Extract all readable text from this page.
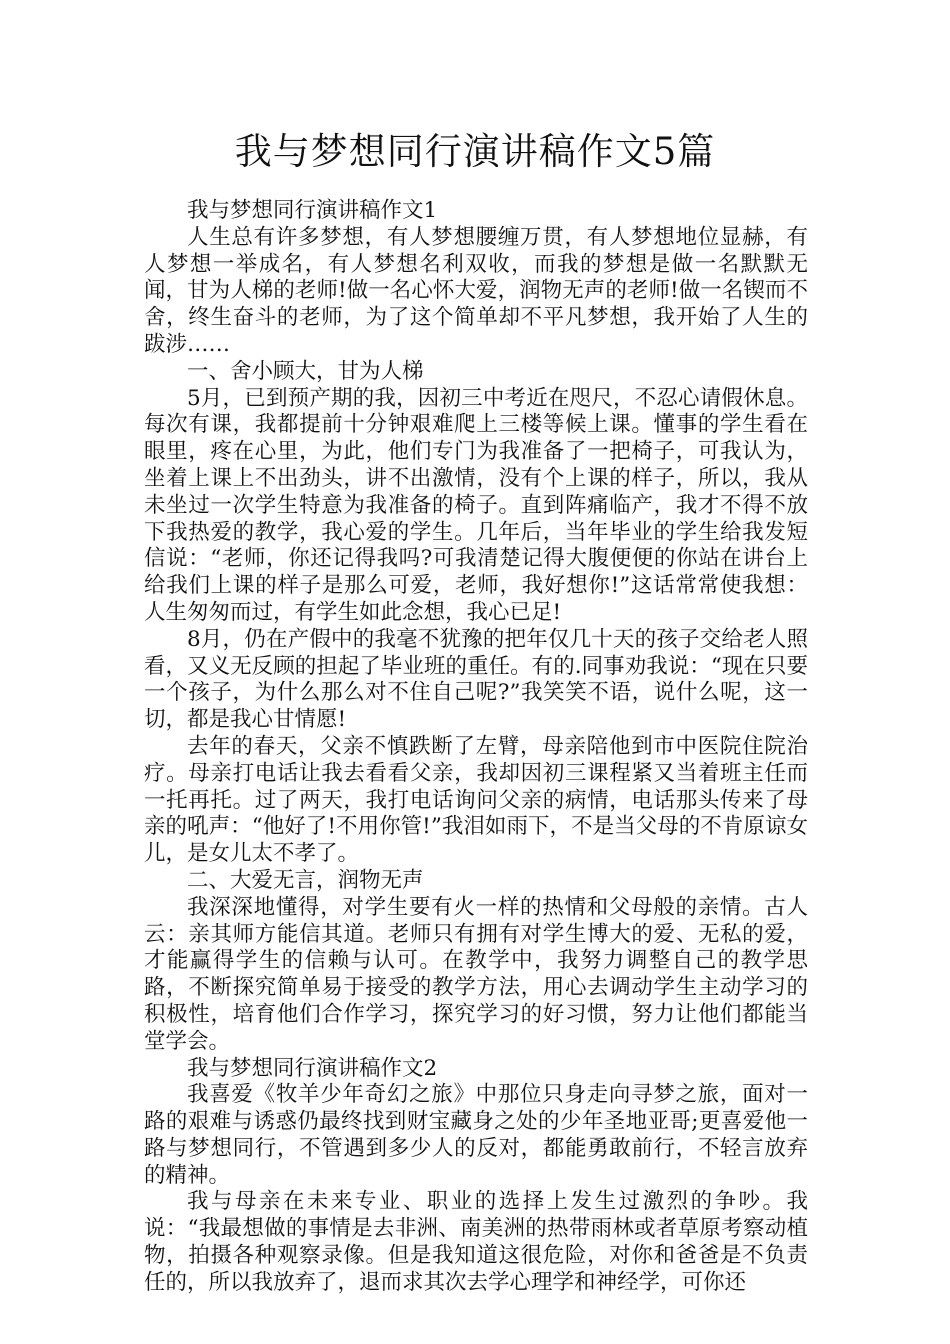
我与梦想同行演讲稿作文5篇

我与梦想同行演讲稿作文1

人生总有许多梦想，有人梦想腰缠万贯，有人梦想地位显赫，有人梦想一举成名，有人梦想名利双收，而我的梦想是做一名默默无闻，甘为人梯的老师!做一名心怀大爱，润物无声的老师!做一名锲而不舍，终生奋斗的老师，为了这个简单却不平凡梦想，我开始了人生的跋涉……

一、舍小顾大，甘为人梯

5月，已到预产期的我，因初三中考近在咫尺，不忍心请假休息。每次有课，我都提前十分钟艰难爬上三楼等候上课。懂事的学生看在眼里，疼在心里，为此，他们专门为我准备了一把椅子，可我认为，坐着上课上不出劲头，讲不出激情，没有个上课的样子，所以，我从未坐过一次学生特意为我准备的椅子。直到阵痛临产，我才不得不放下我热爱的教学，我心爱的学生。几年后，当年毕业的学生给我发短信说：“老师，你还记得我吗?可我清楚记得大腹便便的你站在讲台上给我们上课的样子是那么可爱，老师，我好想你!”这话常常使我想：人生匆匆而过，有学生如此念想，我心已足!

8月，仍在产假中的我毫不犹豫的把年仅几十天的孩子交给老人照看，又义无反顾的担起了毕业班的重任。有的.同事劝我说：“现在只要一个孩子，为什么那么对不住自己呢?”我笑笑不语，说什么呢，这一切，都是我心甘情愿!

去年的春天，父亲不慎跌断了左臂，母亲陪他到市中医院住院治疗。母亲打电话让我去看看父亲，我却因初三课程紧又当着班主任而一托再托。过了两天，我打电话询问父亲的病情，电话那头传来了母亲的吼声：“他好了!不用你管!”我泪如雨下，不是当父母的不肯原谅女儿，是女儿太不孝了。

二、大爱无言，润物无声

我深深地懂得，对学生要有火一样的热情和父母般的亲情。古人云：亲其师方能信其道。老师只有拥有对学生博大的爱、无私的爱，才能赢得学生的信赖与认可。在教学中，我努力调整自己的教学思路，不断探究简单易于接受的教学方法，用心去调动学生主动学习的积极性，培育他们合作学习，探究学习的好习惯，努力让他们都能当堂学会。

我与梦想同行演讲稿作文2

我喜爱《牧羊少年奇幻之旅》中那位只身走向寻梦之旅，面对一路的艰难与诱惑仍最终找到财宝藏身之处的少年圣地亚哥;更喜爱他一路与梦想同行，不管遇到多少人的反对，都能勇敢前行，不轻言放弃的精神。

我与母亲在未来专业、职业的选择上发生过激烈的争吵。我说：“我最想做的事情是去非洲、南美洲的热带雨林或者草原考察动植物，拍摄各种观察录像。但是我知道这很危险，对你和爸爸是不负责任的，所以我放弃了，退而求其次去学心理学和神经学，可你还
